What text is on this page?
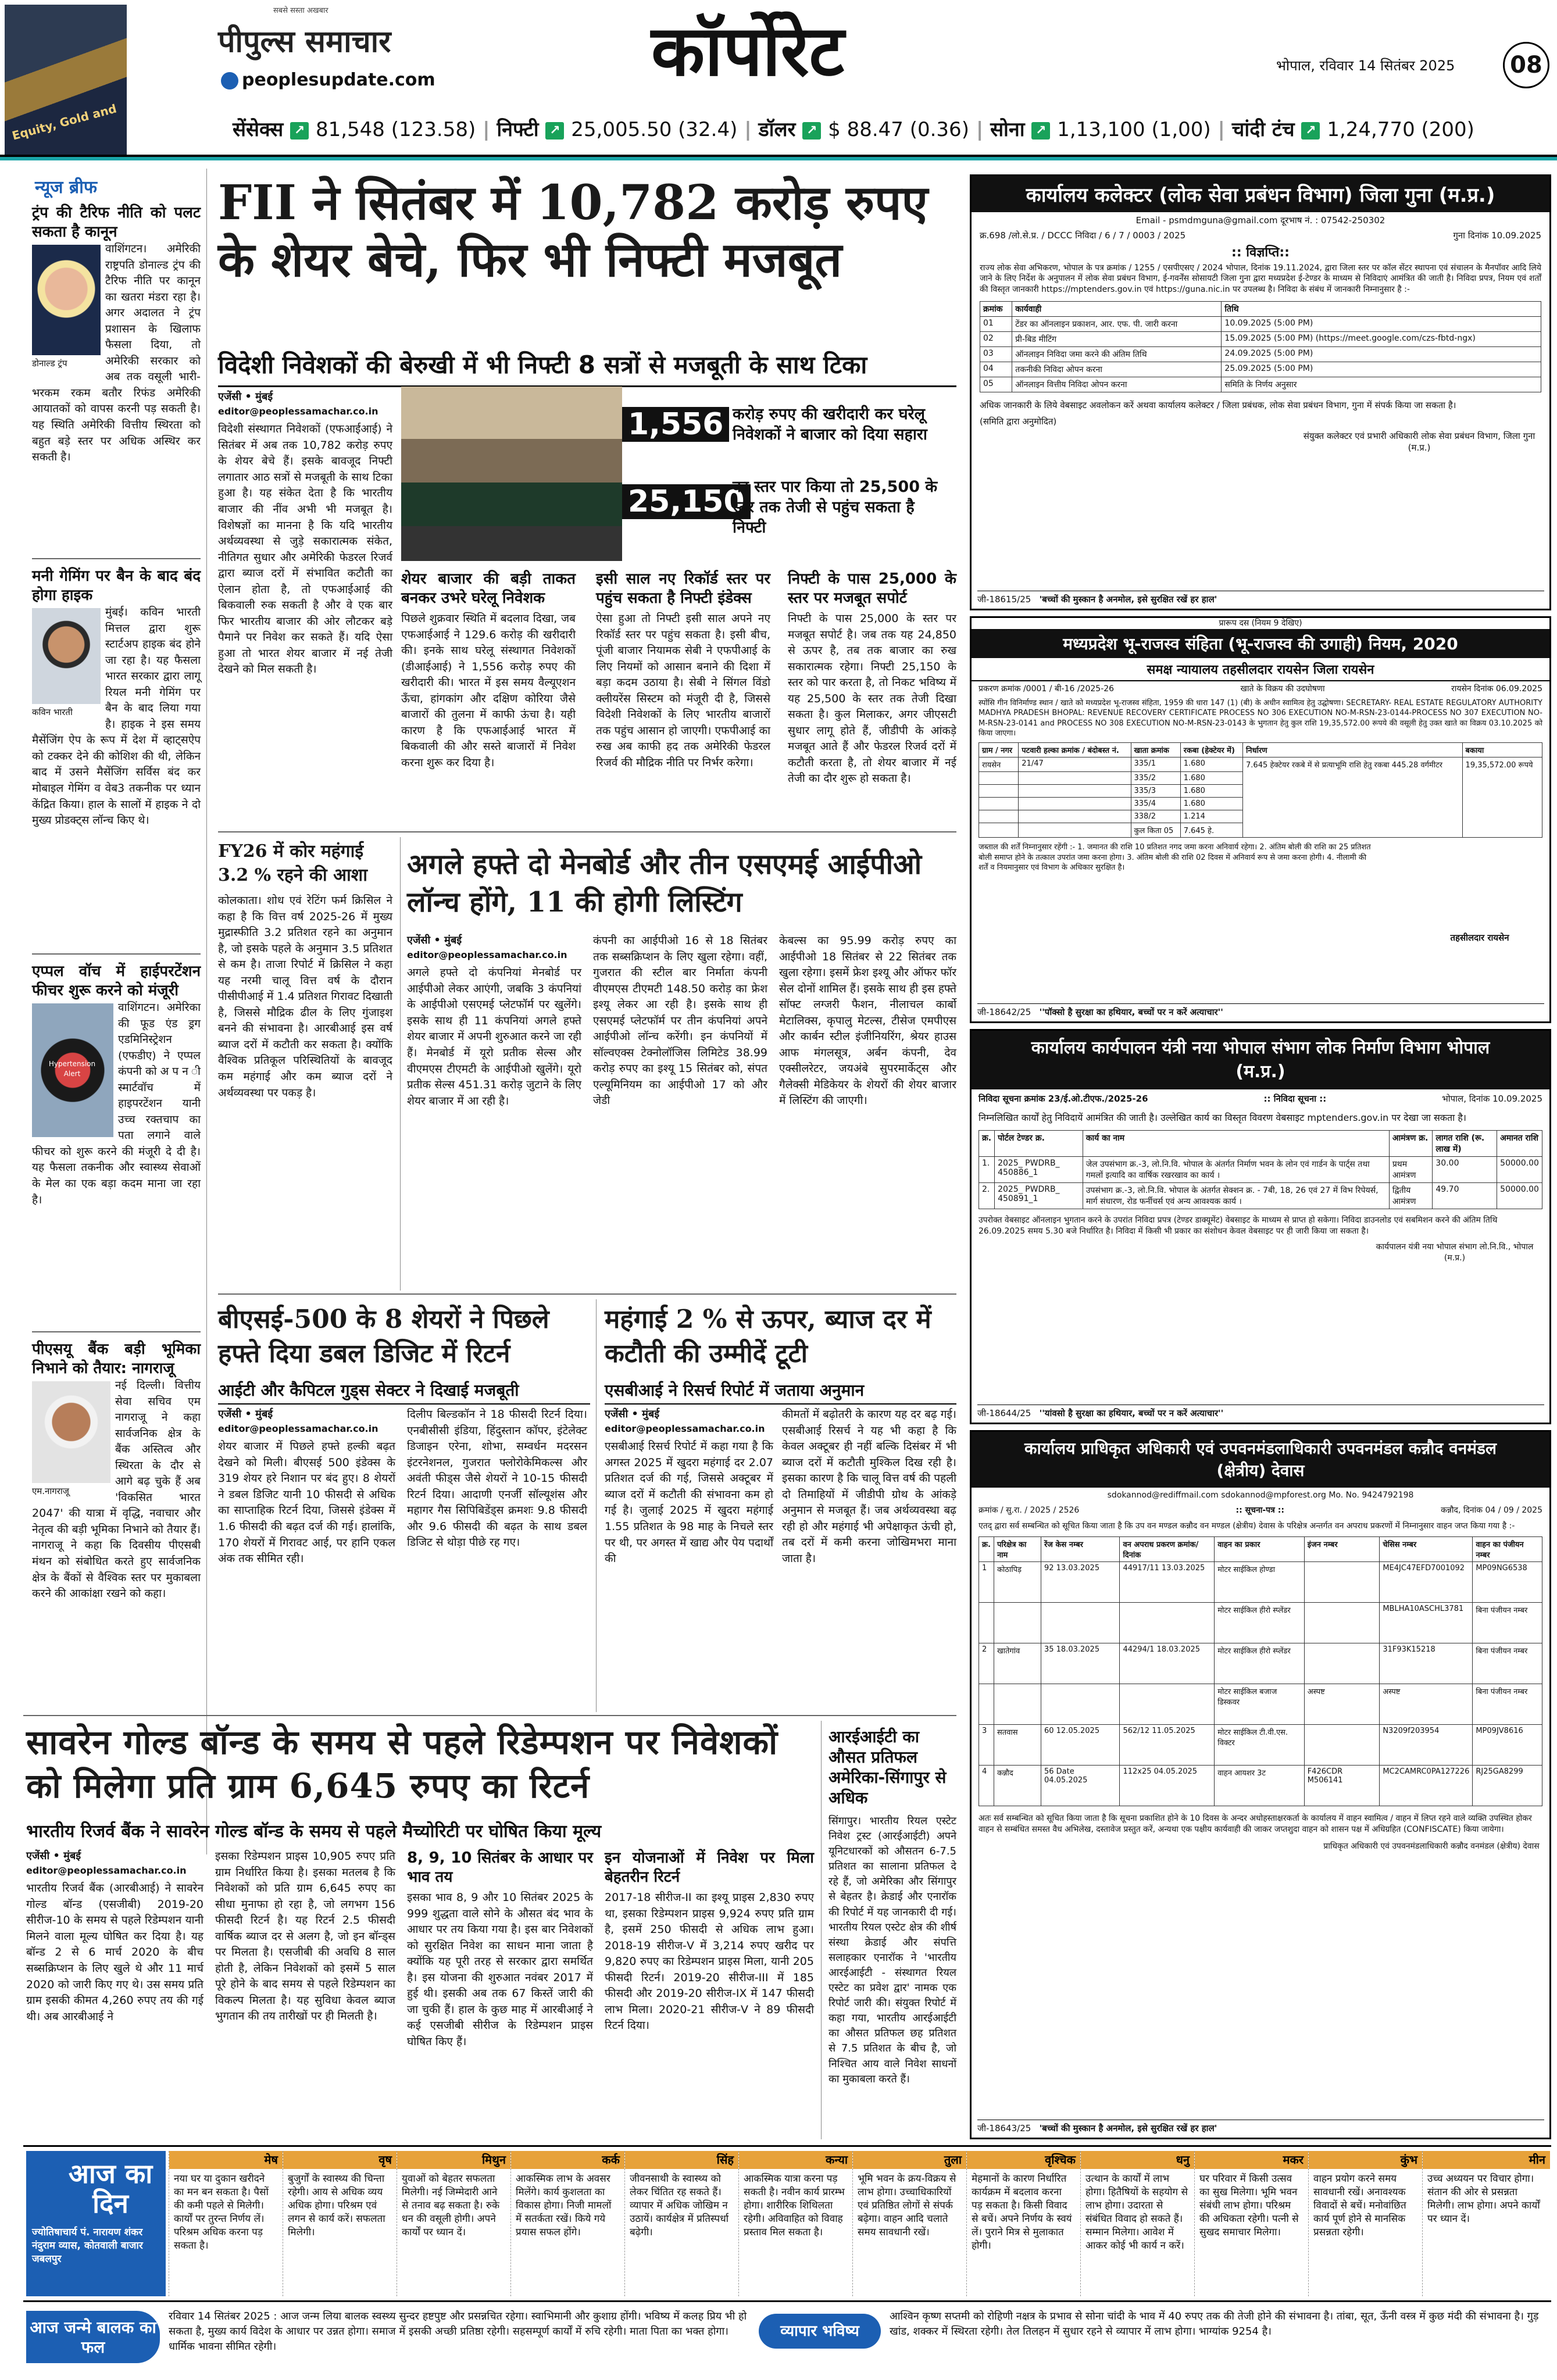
Equity, Gold and
सबसे सस्ता अखबार
पीपुल्स समाचार
peoplesupdate.com	कॉर्पोरेट	भोपाल, रविवार 14 सितंबर 2025	08
सेंसेक्स ↗ 81,548 (123.58) | निफ्टी ↗ 25,005.50 (32.4) | डॉलर ↗ $ 88.47 (0.36) | सोना ↗ 1,13,100 (1,00) | चांदी टंच ↗ 1,24,770 (200)
न्यूज ब्रीफ
ट्रंप की टैरिफ नीति को पलट सकता है कानून
डोनाल्ड ट्रंप
वाशिंगटन। अमेरिकी राष्ट्रपति डोनाल्ड ट्रंप की टैरिफ नीति पर कानून का खतरा मंडरा रहा है। अगर अदालत ने ट्रंप प्रशासन के खिलाफ फैसला दिया, तो अमेरिकी सरकार को अब तक वसूली भारी-भरकम रकम बतौर रिफंड अमेरिकी आयातकों को वापस करनी पड़ सकती है। यह स्थिति अमेरिकी वित्तीय स्थिरता को बहुत बड़े स्तर पर अधिक अस्थिर कर सकती है।
मनी गेमिंग पर बैन के बाद बंद होगा हाइक
कविन भारती
मुंबई। कविन भारती मित्तल द्वारा शुरू स्टार्टअप हाइक बंद होने जा रहा है। यह फैसला भारत सरकार द्वारा लागू रियल मनी गेमिंग पर बैन के बाद लिया गया है। हाइक ने इस समय मैसेंजिंग ऐप के रूप में देश में व्हाट्सऐप को टक्कर देने की कोशिश की थी, लेकिन बाद में उसने मैसेंजिंग सर्विस बंद कर मोबाइल गेमिंग व वेब3 तकनीक पर ध्यान केंद्रित किया। हाल के सालों में हाइक ने दो मुख्य प्रोडक्ट्स लॉन्च किए थे।
एप्पल वॉच में हाईपरटेंशन फीचर शुरू करने को मंजूरी
Hypertension Alert
वाशिंगटन। अमेरिका की फूड एंड ड्रग एडमिनिस्ट्रेशन (एफडीए) ने एप्पल कंपनी को अ प न ी स्मार्टवॉच में हाइपरटेंशन यानी उच्च रक्तचाप का पता लगाने वाले फीचर को शुरू करने की मंजूरी दे दी है। यह फैसला तकनीक और स्वास्थ्य सेवाओं के मेल का एक बड़ा कदम माना जा रहा है।
पीएसयू बैंक बड़ी भूमिका निभाने को तैयार: नागराजू
एम.नागराजू
नई दिल्ली। वित्तीय सेवा सचिव एम नागराजू ने कहा सार्वजनिक क्षेत्र के बैंक अस्तित्व और स्थिरता के दौर से आगे बढ़ चुके हैं अब 'विकसित भारत 2047' की यात्रा में वृद्धि, नवाचार और नेतृत्व की बड़ी भूमिका निभाने को तैयार हैं। नागराजू ने कहा कि दिवसीय पीएसबी मंथन को संबोधित करते हुए सार्वजनिक क्षेत्र के बैंकों से वैश्विक स्तर पर मुकाबला करने की आकांक्षा रखने को कहा।
FII ने सितंबर में 10,782 करोड़ रुपए के शेयर बेचे, फिर भी निफ्टी मजबूत
विदेशी निवेशकों की बेरुखी में भी निफ्टी 8 सत्रों से मजबूती के साथ टिका
एजेंसी • मुंबई
editor@peoplessamachar.co.in
विदेशी संस्थागत निवेशकों (एफआईआई) ने सितंबर में अब तक 10,782 करोड़ रुपए के शेयर बेचे हैं। इसके बावजूद निफ्टी लगातार आठ सत्रों से मजबूती के साथ टिका हुआ है। यह संकेत देता है कि भारतीय बाजार की नींव अभी भी मजबूत है। विशेषज्ञों का मानना है कि यदि भारतीय अर्थव्यवस्था से जुड़े सकारात्मक संकेत, नीतिगत सुधार और अमेरिकी फेडरल रिजर्व द्वारा ब्याज दरों में संभावित कटौती का ऐलान होता है, तो एफआईआई की बिकवाली रुक सकती है और वे एक बार फिर भारतीय बाजार की ओर लौटकर बड़े पैमाने पर निवेश कर सकते हैं। यदि ऐसा हुआ तो भारत शेयर बाजार में नई तेजी देखने को मिल सकती है।
1,556 करोड़ रुपए की खरीदारी कर घरेलू निवेशकों ने बाजार को दिया सहारा
25,150
का स्तर पार किया तो 25,500 के स्तर तक तेजी से पहुंच सकता है निफ्टी
शेयर बाजार की बड़ी ताकत बनकर उभरे घरेलू निवेशक
पिछले शुक्रवार स्थिति में बदलाव दिखा, जब एफआईआई ने 129.6 करोड़ की खरीदारी की। इनके साथ घरेलू संस्थागत निवेशकों (डीआईआई) ने 1,556 करोड़ रुपए की खरीदारी की। भारत में इस समय वैल्यूएशन ऊँचा, हांगकांग और दक्षिण कोरिया जैसे बाजारों की तुलना में काफी ऊंचा है। यही कारण है कि एफआईआई भारत में बिकवाली की और सस्ते बाजारों में निवेश करना शुरू कर दिया है।
इसी साल नए रिकॉर्ड स्तर पर पहुंच सकता है निफ्टी इंडेक्स
ऐसा हुआ तो निफ्टी इसी साल अपने नए रिकॉर्ड स्तर पर पहुंच सकता है। इसी बीच, पूंजी बाजार नियामक सेबी ने एफपीआई के लिए नियमों को आसान बनाने की दिशा में बड़ा कदम उठाया है। सेबी ने सिंगल विंडो क्लीयरेंस सिस्टम को मंजूरी दी है, जिससे विदेशी निवेशकों के लिए भारतीय बाजारों तक पहुंच आसान हो जाएगी। एफपीआई का रुख अब काफी हद तक अमेरिकी फेडरल रिजर्व की मौद्रिक नीति पर निर्भर करेगा।
निफ्टी के पास 25,000 के स्तर पर मजबूत सपोर्ट
निफ्टी के पास 25,000 के स्तर पर मजबूत सपोर्ट है। जब तक यह 24,850 से ऊपर है, तब तक बाजार का रुख सकारात्मक रहेगा। निफ्टी 25,150 के स्तर को पार करता है, तो निकट भविष्य में यह 25,500 के स्तर तक तेजी दिखा सकता है। कुल मिलाकर, अगर जीएसटी सुधार लागू होते हैं, जीडीपी के आंकड़े मजबूत आते हैं और फेडरल रिजर्व दरों में कटौती करता है, तो शेयर बाजार में नई तेजी का दौर शुरू हो सकता है।
FY26 में कोर महंगाई 3.2 % रहने की आशा
कोलकाता। शोध एवं रेटिंग फर्म क्रिसिल ने कहा है कि वित्त वर्ष 2025-26 में मुख्य मुद्रास्फीति 3.2 प्रतिशत रहने का अनुमान है, जो इसके पहले के अनुमान 3.5 प्रतिशत से कम है। ताजा रिपोर्ट में क्रिसिल ने कहा यह नरमी चालू वित्त वर्ष के दौरान पीसीपीआई में 1.4 प्रतिशत गिरावट दिखाती है, जिससे मौद्रिक ढील के लिए गुंजाइश बनने की संभावना है। आरबीआई इस वर्ष ब्याज दरों में कटौती कर सकता है। क्योंकि वैश्विक प्रतिकूल परिस्थितियों के बावजूद कम महंगाई और कम ब्याज दरों ने अर्थव्यवस्था पर पकड़ है।
अगले हफ्ते दो मेनबोर्ड और तीन एसएमई आईपीओ लॉन्च होंगे, 11 की होगी लिस्टिंग
एजेंसी • मुंबई
editor@peoplessamachar.co.in
अगले हफ्ते दो कंपनियां मेनबोर्ड पर आईपीओ लेकर आएंगी, जबकि 3 कंपनियां के आईपीओ एसएमई प्लेटफॉर्म पर खुलेंगे। इसके साथ ही 11 कंपनियां अगले हफ्ते शेयर बाजार में अपनी शुरुआत करने जा रही हैं। मेनबोर्ड में यूरो प्रतीक सेल्स और वीएमएस टीएमटी के आईपीओ खुलेंगे। यूरो प्रतीक सेल्स 451.31 करोड़ जुटाने के लिए शेयर बाजार में आ रही है।
कंपनी का आईपीओ 16 से 18 सितंबर तक सब्सक्रिप्शन के लिए खुला रहेगा। वहीं, गुजरात की स्टील बार निर्माता कंपनी वीएमएस टीएमटी 148.50 करोड़ का फ्रेश इश्यू लेकर आ रही है। इसके साथ ही एसएमई प्लेटफॉर्म पर तीन कंपनियां अपने आईपीओ लॉन्च करेंगी। इन कंपनियों में सॉल्वएक्स टेक्नोलॉजिस लिमिटेड 38.99 करोड़ रुपए का इश्यू 15 सितंबर को, संपत एल्यूमिनियम का आईपीओ 17 को और जेडी
केबल्स का 95.99 करोड़ रुपए का आईपीओ 18 सितंबर से 22 सितंबर तक खुला रहेगा। इसमें फ्रेश इश्यू और ऑफर फॉर सेल दोनों शामिल हैं। इसके साथ ही इस हफ्ते सॉफ्ट लग्जरी फैशन, नीलाचल कार्बो मेटालिक्स, कृपालु मेटल्स, टीसेज एमपीएस और कार्बन स्टील इंजीनियरिंग, श्रेयर हाउस आफ मंगलसूत्र, अर्बन कंपनी, देव एक्सीलरेटर, जयअंबे सुपरमार्केट्स और गैलेक्सी मेडिकेयर के शेयरों की शेयर बाजार में लिस्टिंग की जाएगी।
बीएसई-500 के 8 शेयरों ने पिछले हफ्ते दिया डबल डिजिट में रिटर्न
आईटी और कैपिटल गुड्स सेक्टर ने दिखाई मजबूती
एजेंसी • मुंबई
editor@peoplessamachar.co.in
शेयर बाजार में पिछले हफ्ते हल्की बढ़त देखने को मिली। बीएसई 500 इंडेक्स के 319 शेयर हरे निशान पर बंद हुए। 8 शेयरों ने डबल डिजिट यानी 10 फीसदी से अधिक का साप्ताहिक रिटर्न दिया, जिससे इंडेक्स में 1.6 फीसदी की बढ़त दर्ज की गई। हालांकि, 170 शेयरों में गिरावट आई, पर हानि एकल अंक तक सीमित रही।
दिलीप बिल्डकॉन ने 18 फीसदी रिटर्न दिया। एनबीसीसी इंडिया, हिंदुस्तान कॉपर, इंटेलेक्ट डिजाइन एरेना, शोभा, सम्वर्धन मदरसन इंटरनेशनल, गुजरात फ्लोरोकेमिकल्स और अवंती फीड्स जैसे शेयरों ने 10-15 फीसदी रिटर्न दिया। आदाणी एनर्जी सॉल्यूशंस और महागर गैस सिपिबिडेंड्स क्रमशः 9.8 फीसदी और 9.6 फीसदी की बढ़त के साथ डबल डिजिट से थोड़ा पीछे रह गए।
महंगाई 2 % से ऊपर, ब्याज दर में कटौती की उम्मीदें टूटी
एसबीआई ने रिसर्च रिपोर्ट में जताया अनुमान
एजेंसी • मुंबई
editor@peoplessamachar.co.in
एसबीआई रिसर्च रिपोर्ट में कहा गया है कि अगस्त 2025 में खुदरा महंगाई दर 2.07 प्रतिशत दर्ज की गई, जिससे अक्टूबर में ब्याज दरों में कटौती की संभावना कम हो गई है। जुलाई 2025 में खुदरा महंगाई 1.55 प्रतिशत के 98 माह के निचले स्तर पर थी, पर अगस्त में खाद्य और पेय पदार्थों की
कीमतों में बढ़ोतरी के कारण यह दर बढ़ गई। एसबीआई रिसर्च ने यह भी कहा है कि केवल अक्टूबर ही नहीं बल्कि दिसंबर में भी ब्याज दरों में कटौती मुश्किल दिख रही है। इसका कारण है कि चालू वित्त वर्ष की पहली दो तिमाहियों में जीडीपी ग्रोथ के आंकड़े अनुमान से मजबूत हैं। जब अर्थव्यवस्था बढ़ रही हो और महंगाई भी अपेक्षाकृत ऊंची हो, तब दरों में कमी करना जोखिमभरा माना जाता है।
सावरेन गोल्ड बॉन्ड के समय से पहले रिडेम्पशन पर निवेशकों को मिलेगा प्रति ग्राम 6,645 रुपए का रिटर्न
भारतीय रिजर्व बैंक ने सावरेन गोल्ड बॉन्ड के समय से पहले मैच्योरिटी पर घोषित किया मूल्य
एजेंसी • मुंबई
editor@peoplessamachar.co.in
भारतीय रिजर्व बैंक (आरबीआई) ने सावरेन गोल्ड बॉन्ड (एसजीबी) 2019-20 सीरीज-10 के समय से पहले रिडेम्पशन यानी मिलने वाला मूल्य घोषित कर दिया है। यह बॉन्ड 2 से 6 मार्च 2020 के बीच सब्सक्रिप्शन के लिए खुले थे और 11 मार्च 2020 को जारी किए गए थे। उस समय प्रति ग्राम इसकी कीमत 4,260 रुपए तय की गई थी। अब आरबीआई ने
इसका रिडेम्पशन प्राइस 10,905 रुपए प्रति ग्राम निर्धारित किया है। इसका मतलब है कि निवेशकों को प्रति ग्राम 6,645 रुपए का सीधा मुनाफा हो रहा है, जो लगभग 156 फीसदी रिटर्न है। यह रिटर्न 2.5 फीसदी वार्षिक ब्याज दर से अलग है, जो इन बॉन्ड्स पर मिलता है। एसजीबी की अवधि 8 साल होती है, लेकिन निवेशकों को इसमें 5 साल पूरे होने के बाद समय से पहले रिडेम्पशन का विकल्प मिलता है। यह सुविधा केवल ब्याज भुगतान की तय तारीखों पर ही मिलती है।
8, 9, 10 सितंबर के आधार पर भाव तय
इसका भाव 8, 9 और 10 सितंबर 2025 के 999 शुद्धता वाले सोने के औसत बंद भाव के आधार पर तय किया गया है। इस बार निवेशकों को सुरक्षित निवेश का साधन माना जाता है क्योंकि यह पूरी तरह से सरकार द्वारा समर्थित है। इस योजना की शुरुआत नवंबर 2017 में हुई थी। इसकी अब तक 67 किस्तें जारी की जा चुकी हैं। हाल के कुछ माह में आरबीआई ने कई एसजीबी सीरीज के रिडेम्पशन प्राइस घोषित किए हैं।
इन योजनाओं में निवेश पर मिला बेहतरीन रिटर्न
2017-18 सीरीज-II का इश्यू प्राइस 2,830 रुपए था, इसका रिडेम्पशन प्राइस 9,924 रुपए प्रति ग्राम है, इसमें 250 फीसदी से अधिक लाभ हुआ। 2018-19 सीरीज-V में 3,214 रुपए खरीद पर 9,820 रुपए का रिडेम्पशन प्राइस मिला, यानी 205 फीसदी रिटर्न। 2019-20 सीरीज-III में 185 फीसदी और 2019-20 सीरीज-IX में 147 फीसदी लाभ मिला। 2020-21 सीरीज-V ने 89 फीसदी रिटर्न दिया।
आरईआईटी का औसत प्रतिफल अमेरिका-सिंगापुर से अधिक
सिंगापुर। भारतीय रियल एस्टेट निवेश ट्रस्ट (आरईआईटी) अपने यूनिटधारकों को औसतन 6-7.5 प्रतिशत का सालाना प्रतिफल दे रहे हैं, जो अमेरिका और सिंगापुर से बेहतर है। क्रेडाई और एनारॉक की रिपोर्ट में यह जानकारी दी गई। भारतीय रियल एस्टेट क्षेत्र की शीर्ष संस्था क्रेडाई और संपत्ति सलाहकार एनारॉक ने 'भारतीय आरईआईटी - संस्थागत रियल एस्टेट का प्रवेश द्वार' नामक एक रिपोर्ट जारी की। संयुक्त रिपोर्ट में कहा गया, भारतीय आरईआईटी का औसत प्रतिफल छह प्रतिशत से 7.5 प्रतिशत के बीच है, जो निश्चित आय वाले निवेश साधनों का मुकाबला करते हैं।
कार्यालय कलेक्टर (लोक सेवा प्रबंधन विभाग) जिला गुना (म.प्र.)
Email - psmdmguna@gmail.com दूरभाष नं. : 07542-250302
क्र.698 /लो.से.प्र. / DCCC निविदा / 6 / 7 / 0003 / 2025	गुना दिनांक 10.09.2025
:: विज्ञप्ति::
राज्य लोक सेवा अभिकरण, भोपाल के पत्र क्रमांक / 1255 / एसपीएसए / 2024 भोपाल, दिनांक 19.11.2024, द्वारा जिला स्तर पर कॉल सेंटर स्थापना एवं संचालन के मैनपॉवर आदि लिये जाने के लिए निर्देश के अनुपालन में लोक सेवा प्रबंधन विभाग, ई-गवर्नेंस सोसायटी जिला गुना द्वारा मध्यप्रदेश ई-टेण्डर के माध्यम से निविदाएं आमंत्रित की जाती है। निविदा प्रपत्र, नियम एवं शर्तों की विस्तृत जानकारी https://mptenders.gov.in एवं https://guna.nic.in पर उपलब्ध है। निविदा के संबंध में जानकारी निम्नानुसार है :-
क्रमांक	कार्यवाही	तिथि
01	टेंडर का ऑनलाइन प्रकाशन, आर. एफ. पी. जारी करना	10.09.2025 (5:00 PM)
02	प्री-बिड मीटिंग	15.09.2025 (5:00 PM) (https://meet.google.com/czs-fbtd-ngx)
03	ऑनलाइन निविदा जमा करने की अंतिम तिथि	24.09.2025 (5:00 PM)
04	तकनीकी निविदा ओपन करना	25.09.2025 (5:00 PM)
05	ऑनलाइन वित्तीय निविदा ओपन करना	समिति के निर्णय अनुसार
अधिक जानकारी के लिये वेबसाइट अवलोकन करें अथवा कार्यालय कलेक्टर / जिला प्रबंधक, लोक सेवा प्रबंधन विभाग, गुना में संपर्क किया जा सकता है।
(समिति द्वारा अनुमोदित)
संयुक्त कलेक्टर एवं प्रभारी अधिकारी लोक सेवा प्रबंधन विभाग, जिला गुना (म.प्र.)
जी-18615/25 'बच्चों की मुस्कान है अनमोल, इसे सुरक्षित रखें हर हाल'
प्रारूप दस (नियम 9 देखिए)
मध्यप्रदेश भू-राजस्व संहिता (भू-राजस्व की उगाही) नियम, 2020
समक्ष न्यायालय तहसीलदार रायसेन जिला रायसेन
प्रकरण क्रमांक /0001 / बी-16 /2025-26	खाते के विक्रय की उदघोषणा	रायसेन दिनांक 06.09.2025
स्पोंसि गीन विनिर्माण्ड स्थान / खाते को मध्यप्रदेश भू-राजस्व संहिता, 1959 की धारा 147 (1) (बी) के अधीन स्वामित्व हेतु उद्घोषणा। SECRETARY- REAL ESTATE REGULATORY AUTHORITY MADHYA PRADESH BHOPAL: REVENUE RECOVERY CERTIFICATE PROCESS NO 306 EXECUTION NO-M-RSN-23-0144-PROCESS NO 307 EXECUTION NO-M-RSN-23-0141 and PROCESS NO 308 EXECUTION NO-M-RSN-23-0143 के भुगतान हेतु कुल राशि 19,35,572.00 रूपये की वसूली हेतु उक्त खाते का विक्रय 03.10.2025 को किया जाएगा।
ग्राम / नगर	पटवारी हल्का क्रमांक / बंदोबस्त नं.	खाता क्रमांक	रकबा (हेक्टेयर में)	निर्धारण	बकाया
रायसेन	21/47	335/1	1.680	7.645 हेक्टेयर रकबे में से प्रत्याभूमि राशि हेतु रकबा 445.28 वर्गमीटर	19,35,572.00 रूपये
		335/2	1.680		
		335/3	1.680		
		335/4	1.680		
		338/2	1.214		
		कुल किता 05	7.645 हे.		
जब्ताल की शर्तें निम्नानुसार रहेंगी :- 1. जमानत की राशि 10 प्रतिशत नगद जमा करना अनिवार्य रहेगा। 2. अंतिम बोली की राशि का 25 प्रतिशत बोली समाप्त होने के तत्काल उपरांत जमा करना होगा। 3. अंतिम बोली की राशि 02 दिवस में अनिवार्य रूप से जमा करना होगी। 4. नीलामी की शर्तें व नियमानुसार एवं विभाग के अधिकार सुरक्षित है।
तहसीलदार रायसेन
जी-18642/25 ''पॉक्सो है सुरक्षा का हथियार, बच्चों पर न करें अत्याचार''
कार्यालय कार्यपालन यंत्री नया भोपाल संभाग लोक निर्माण विभाग भोपाल (म.प्र.)
निविदा सूचना क्रमांक 23/ई.ओ.टीएफ./2025-26	:: निविदा सूचना ::	भोपाल, दिनांक 10.09.2025
निम्नलिखित कार्यों हेतु निविदायें आमंत्रित की जाती है। उल्लेखित कार्य का विस्तृत विवरण वेबसाइट mptenders.gov.in पर देखा जा सकता है।
क्र.	पोर्टल टेण्डर क्र.	कार्य का नाम	आमंत्रण क्र.	लागत राशि (रू. लाख में)	अमानत राशि
1.	2025_ PWDRB_ 450886_1	जेल उपसंभाग क्र.-3, लो.नि.वि. भोपाल के अंतर्गत निर्माण भवन के लोन एवं गार्डन के पार्ट्स तथा गमलों इत्यादि का वार्षिक रखरखाव का कार्य ।	प्रथम आमंत्रण	30.00	50000.00
2.	2025_ PWDRB_ 450891_1	उपसंभाग क्र.-3, लो.नि.वि. भोपाल के अंतर्गत सेक्शन क्र. - 7बी, 18, 26 एवं 27 में विभ रिपेयर्स, मार्ग संधारण, रोड फर्नीचर्स एवं अन्य आवश्यक कार्य ।	द्वितीय आमंत्रण	49.70	50000.00
उपरोक्त वेबसाइट ऑनलाइन भुगतान करने के उपरांत निविदा प्रपत्र (टेण्डर डाक्यूमेंट) वेबसाइट के माध्यम से प्राप्त हो सकेगा। निविदा डाउनलोड एवं सबमिशन करने की अंतिम तिथि 26.09.2025 समय 5.30 बजे निर्धारित है। निविदा में किसी भी प्रकार का संशोधन केवल वेबसाइट पर ही जारी किया जा सकता है।
कार्यपालन यंत्री नया भोपाल संभाग लो.नि.वि., भोपाल (म.प्र.)
जी-18644/25 ''यांवसो है सुरक्षा का हथियार, बच्चों पर न करें अत्याचार''
कार्यालय प्राधिकृत अधिकारी एवं उपवनमंडलाधिकारी उपवनमंडल कन्नौद वनमंडल (क्षेत्रीय) देवास
sdokannod@rediffmail.com sdokannod@mpforest.org Mo. No. 9424792198
क्रमांक / सु.रा. / 2025 / 2526	:: सूचना-पत्र ::	कन्नौद, दिनांक 04 / 09 / 2025
एतद् द्वारा सर्व सम्बन्धित को सूचित किया जाता है कि उप वन मण्डल कन्नौद वन मण्डल (क्षेत्रीय) देवास के परिक्षेत्र अन्तर्गत वन अपराध प्रकरणों में निम्नानुसार वाहन जप्त किया गया है :-
क्र.	परिक्षेत्र का नाम	रेंज केस नम्बर	वन अपराध प्रकरण क्रमांक/दिनांक	वाहन का प्रकार	इंजन नम्बर	चेसिस नम्बर	वाहन का पंजीयन नम्बर
1	कोठापिड़	92 13.03.2025	44917/11 13.03.2025	मोटर साईकिल होण्डा		ME4JC47EFD7001092	MP09NG6538
				मोटर साईकिल हीरो स्प्लेंडर		MBLHA10ASCHL3781	बिना पंजीयन नम्बर
2	खातेगांव	35 18.03.2025	44294/1 18.03.2025	मोटर साईकिल हीरो स्प्लेंडर		31F93K15218	बिना पंजीयन नम्बर
				मोटर साईकिल बजाज डिस्कवर	अस्पष्ट	अस्पष्ट	बिना पंजीयन नम्बर
3	सतवास	60 12.05.2025	562/12 11.05.2025	मोटर साईकिल टी.वी.एस. विक्टर		N3209f203954	MP09JV8616
4	कन्नौद	56 Date 04.05.2025	112x25 04.05.2025	वाहन आयशर 3ट	F426CDR M506141	MC2CAMRC0PA127226	RJ25GA8299
अतः सर्व सम्बन्धित को सूचित किया जाता है कि सूचना प्रकाशित होने के 10 दिवस के अन्दर अधोहस्ताक्षरकर्ता के कार्यालय में वाहन स्वामित्व / वाहन में लिप्त रहने वाले व्यक्ति उपस्थित होकर वाहन से सम्बंधित समस्त वैध अभिलेख, दस्तावेज प्रस्तुत करें, अन्यथा एक पक्षीय कार्यवाही की जाकर जप्तशुदा वाहन को शासन पक्ष में अधिग्रहित (CONFISCATE) किया जायेगा।
प्राधिकृत अधिकारी एवं उपवनमंडलाधिकारी कन्नौद वनमंडल (क्षेत्रीय) देवास
जी-18643/25 'बच्चों की मुस्कान है अनमोल, इसे सुरक्षित रखें हर हाल'
आज का दिन
ज्योतिषाचार्य पं. नारायण शंकर नंदुराम व्यास, कोतवाली बाजार जबलपुर
मेष
नया घर या दुकान खरीदने का मन बन सकता है। पैसों की कमी पहले से मिलेगी। कार्यों पर तुरन्त निर्णय लें। परिश्रम अधिक करना पड़ सकता है।
वृष
बुजुर्गों के स्वास्थ्य की चिन्ता रहेगी। आय से अधिक व्यय अधिक होगा। परिश्रम एवं लगन से कार्य करें। सफलता मिलेगी।
मिथुन
युवाओं को बेहतर सफलता मिलेगी। नई जिम्मेदारी आने से तनाव बढ़ सकता है। रुके धन की वसूली होगी। अपने कार्यों पर ध्यान दें।
कर्क
आकस्मिक लाभ के अवसर मिलेंगे। कार्य कुशलता का विकास होगा। निजी मामलों में सतर्कता रखें। किये गये प्रयास सफल होंगे।
सिंह
जीवनसाथी के स्वास्थ्य को लेकर चिंतित रह सकते हैं। व्यापार में अधिक जोखिम न उठायें। कार्यक्षेत्र में प्रतिस्पर्धा बढ़ेगी।
कन्या
आकस्मिक यात्रा करना पड़ सकती है। नवीन कार्य प्रारम्भ होगा। शारीरिक शिथिलता रहेगी। अविवाहित को विवाह प्रस्ताव मिल सकता है।
तुला
भूमि भवन के क्रय-विक्रय से लाभ होगा। उच्चाधिकारियों एवं प्रतिष्ठित लोगों से संपर्क बढ़ेगा। वाहन आदि चलाते समय सावधानी रखें।
वृश्चिक
मेहमानों के कारण निर्धारित कार्यक्रम में बदलाव करना पड़ सकता है। किसी विवाद से बचें। अपने निर्णय के स्वयं लें। पुराने मित्र से मुलाकात होगी।
धनु
उत्थान के कार्यों में लाभ होगा। हितैषियों के सहयोग से लाभ होगा। उदारता से संबंधित विवाद हो सकते हैं। सम्मान मिलेगा। आवेश में आकर कोई भी कार्य न करें।
मकर
घर परिवार में किसी उत्सव का सुख मिलेगा। भूमि भवन संबंधी लाभ होगा। परिश्रम की अधिकता रहेगी। पत्नी से सुखद समाचार मिलेगा।
कुंभ
वाहन प्रयोग करने समय सावधानी रखें। अनावश्यक विवादों से बचें। मनोवांछित कार्य पूर्ण होने से मानसिक प्रसन्नता रहेगी।
मीन
उच्च अध्ययन पर विचार होगा। संतान की ओर से प्रसन्नता मिलेगी। लाभ होगा। अपने कार्यों पर ध्यान दें।
आज जन्मे बालक का फल
रविवार 14 सितंबर 2025 : आज जन्म लिया बालक स्वस्थ्य सुन्दर हष्टपुष्ट और प्रसन्नचित रहेगा। स्वाभिमानी और कुशाग्र होंगी। भविष्य में कलह प्रिय भी हो सकता है, मुख्य कार्य विदेश के आधार पर उन्नत होगा। समाज में इसकी अच्छी प्रतिष्ठा रहेगी। सहसम्पूर्ण कार्यों में रुचि रहेगी। माता पिता का भक्त होगा। धार्मिक भावना सीमित रहेगी।
व्यापार भविष्य
आश्विन कृष्ण सप्तमी को रोहिणी नक्षत्र के प्रभाव से सोना चांदी के भाव में 40 रुपए तक की तेजी होने की संभावना है। तांबा, सूत, ऊँनी वस्त्र में कुछ मंदी की संभावना है। गुड़ खांड, शक्कर में स्थिरता रहेगी। तेल तिलहन में सुधार रहने से व्यापार में लाभ होगा। भाग्यांक 9254 है।
